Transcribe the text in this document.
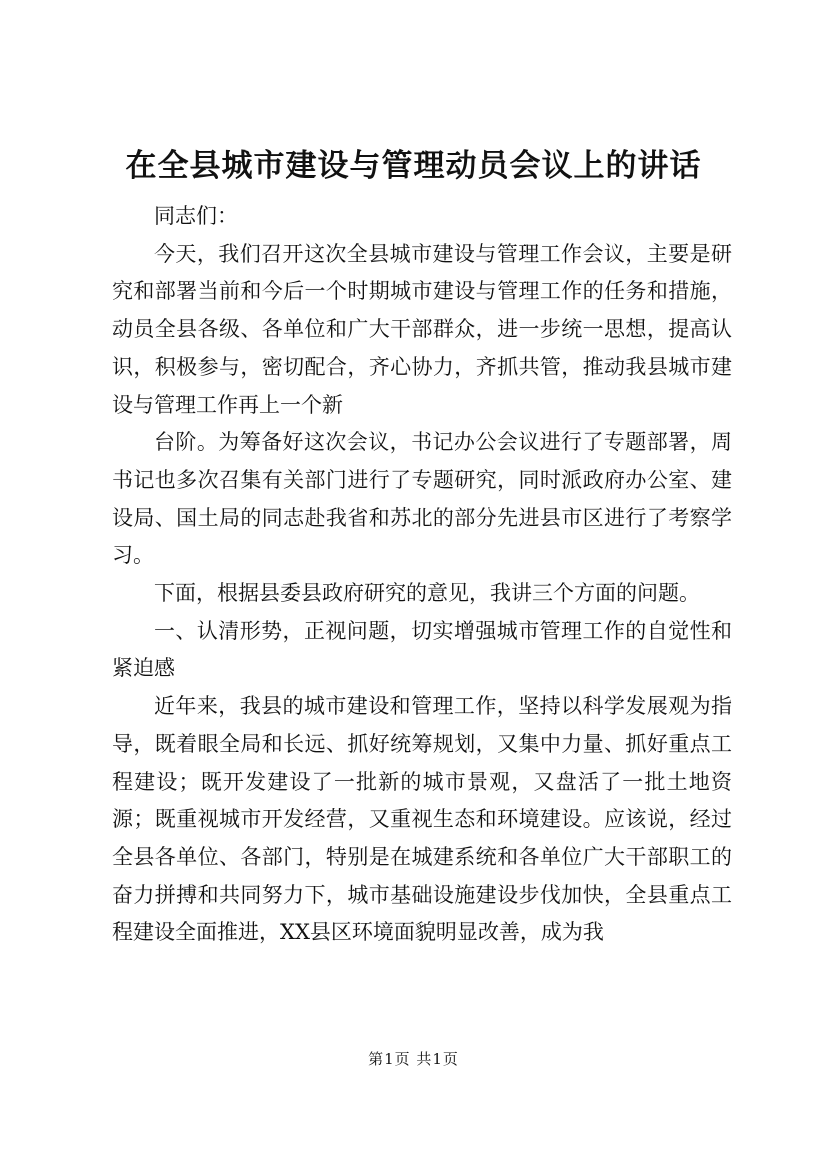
在全县城市建设与管理动员会议上的讲话

同志们：

今天，我们召开这次全县城市建设与管理工作会议，主要是研究和部署当前和今后一个时期城市建设与管理工作的任务和措施，动员全县各级、各单位和广大干部群众，进一步统一思想，提高认识，积极参与，密切配合，齐心协力，齐抓共管，推动我县城市建设与管理工作再上一个新

台阶。为筹备好这次会议，书记办公会议进行了专题部署，周书记也多次召集有关部门进行了专题研究，同时派政府办公室、建设局、国土局的同志赴我省和苏北的部分先进县市区进行了考察学习。

下面，根据县委县政府研究的意见，我讲三个方面的问题。

一、认清形势，正视问题，切实增强城市管理工作的自觉性和紧迫感

近年来，我县的城市建设和管理工作，坚持以科学发展观为指导，既着眼全局和长远、抓好统筹规划，又集中力量、抓好重点工程建设；既开发建设了一批新的城市景观，又盘活了一批土地资源；既重视城市开发经营，又重视生态和环境建设。应该说，经过全县各单位、各部门，特别是在城建系统和各单位广大干部职工的奋力拼搏和共同努力下，城市基础设施建设步伐加快，全县重点工程建设全面推进，XX县区环境面貌明显改善，成为我

第1页 共1页
